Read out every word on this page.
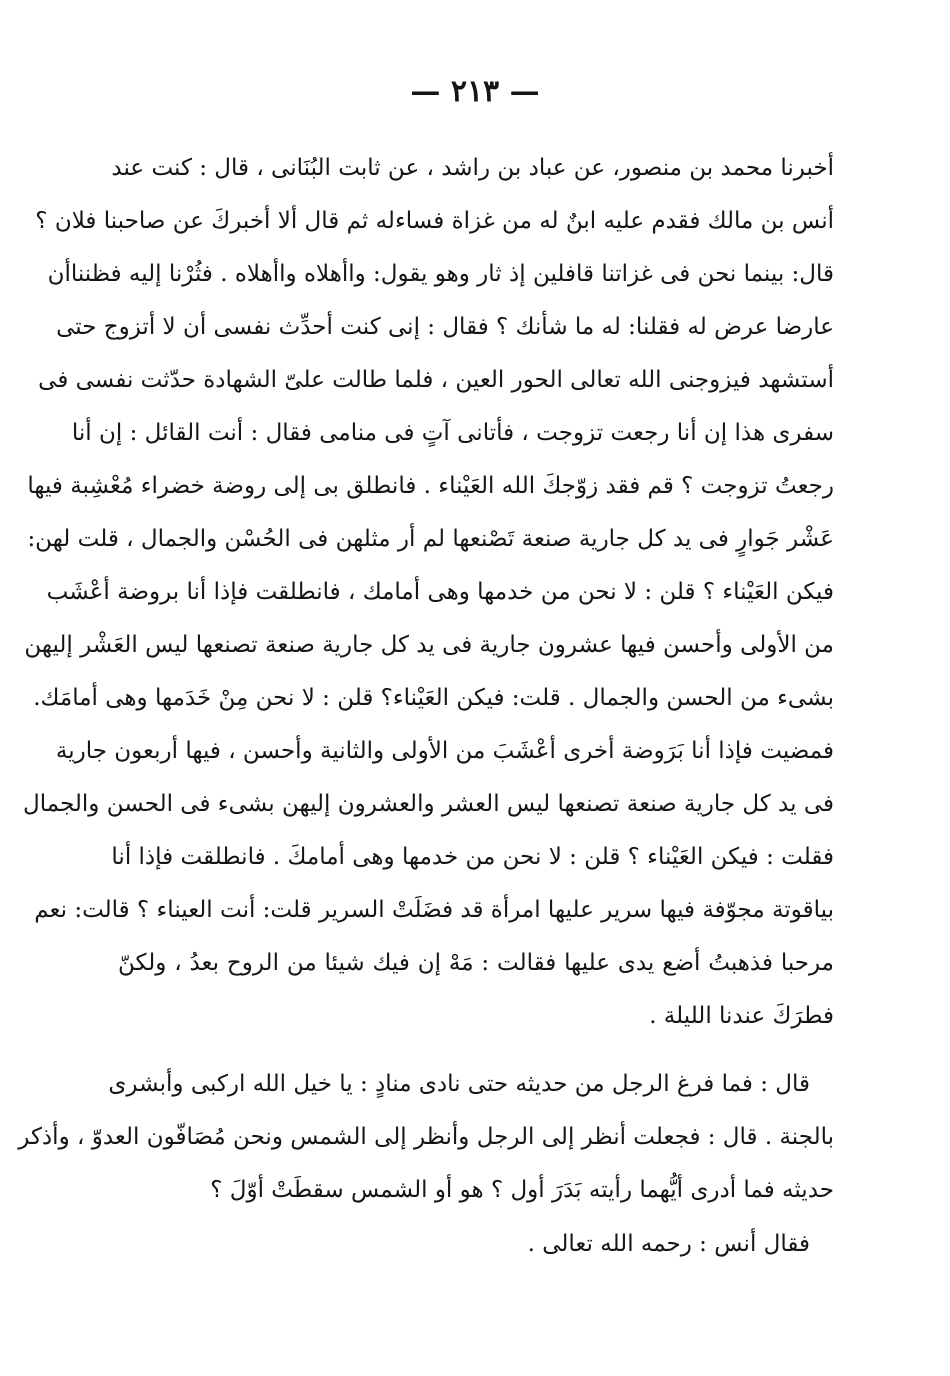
— ٢١٣ —
أخبرنا محمد بن منصور، عن عباد بن راشد ، عن ثابت البُنَانى ، قال : كنت عند
أنس بن مالك فقدم عليه ابنٌ له من غزاة فساءله ثم قال ألا أخبركَ عن صاحبنا فلان ؟
قال: بينما نحن فى غزاتنا قافلين إذ ثار وهو يقول: واأهلاه واأهلاه . فثُرْنا إليه فظنناأن
عارضا عرض له فقلنا: له ما شأنك ؟ فقال : إنى كنت أحدِّث نفسى أن لا أتزوج حتى
أستشهد فيزوجنى الله تعالى الحور العين ، فلما طالت علىّ الشهادة حدّثت نفسى فى
سفرى هذا إن أنا رجعت تزوجت ، فأتانى آتٍ فى منامى فقال : أنت القائل : إن أنا
رجعتُ تزوجت ؟ قم فقد زوّجكَ الله العَيْناء . فانطلق بى إلى روضة خضراء مُعْشِبة فيها
عَشْر جَوارٍ فى يد كل جارية صنعة تَصْنعها لم أر مثلهن فى الحُسْن والجمال ، قلت لهن:
فيكن العَيْناء ؟ قلن : لا نحن من خدمها وهى أمامك ، فانطلقت فإذا أنا بروضة أعْشَب
من الأولى وأحسن فيها عشرون جارية فى يد كل جارية صنعة تصنعها ليس العَشْر إليهن
بشىء من الحسن والجمال . قلت: فيكن العَيْناء؟ قلن : لا نحن مِنْ خَدَمها وهى أمامَك.
فمضيت فإذا أنا بَرَوضة أخرى أعْشَبَ من الأولى والثانية وأحسن ، فيها أربعون جارية
فى يد كل جارية صنعة تصنعها ليس العشر والعشرون إليهن بشىء فى الحسن والجمال
فقلت : فيكن العَيْناء ؟ قلن : لا نحن من خدمها وهى أمامكَ . فانطلقت فإذا أنا
بياقوتة مجوّفة فيها سرير عليها امرأة قد فضَلَتْ السرير قلت: أنت العيناء ؟ قالت: نعم
مرحبا فذهبتُ أضع يدى عليها فقالت : مَهْ إن فيك شيئا من الروح بعدُ ، ولكنّ
فطرَكَ عندنا الليلة .
قال : فما فرغ الرجل من حديثه حتى نادى منادٍ : يا خيل الله اركبى وأبشرى
بالجنة . قال : فجعلت أنظر إلى الرجل وأنظر إلى الشمس ونحن مُصَافّون العدوّ ، وأذكر
حديثه فما أدرى أيُّهما رأيته بَدَرَ أول ؟ هو أو الشمس سقطَتْ أوّلَ ؟
فقال أنس : رحمه الله تعالى .
